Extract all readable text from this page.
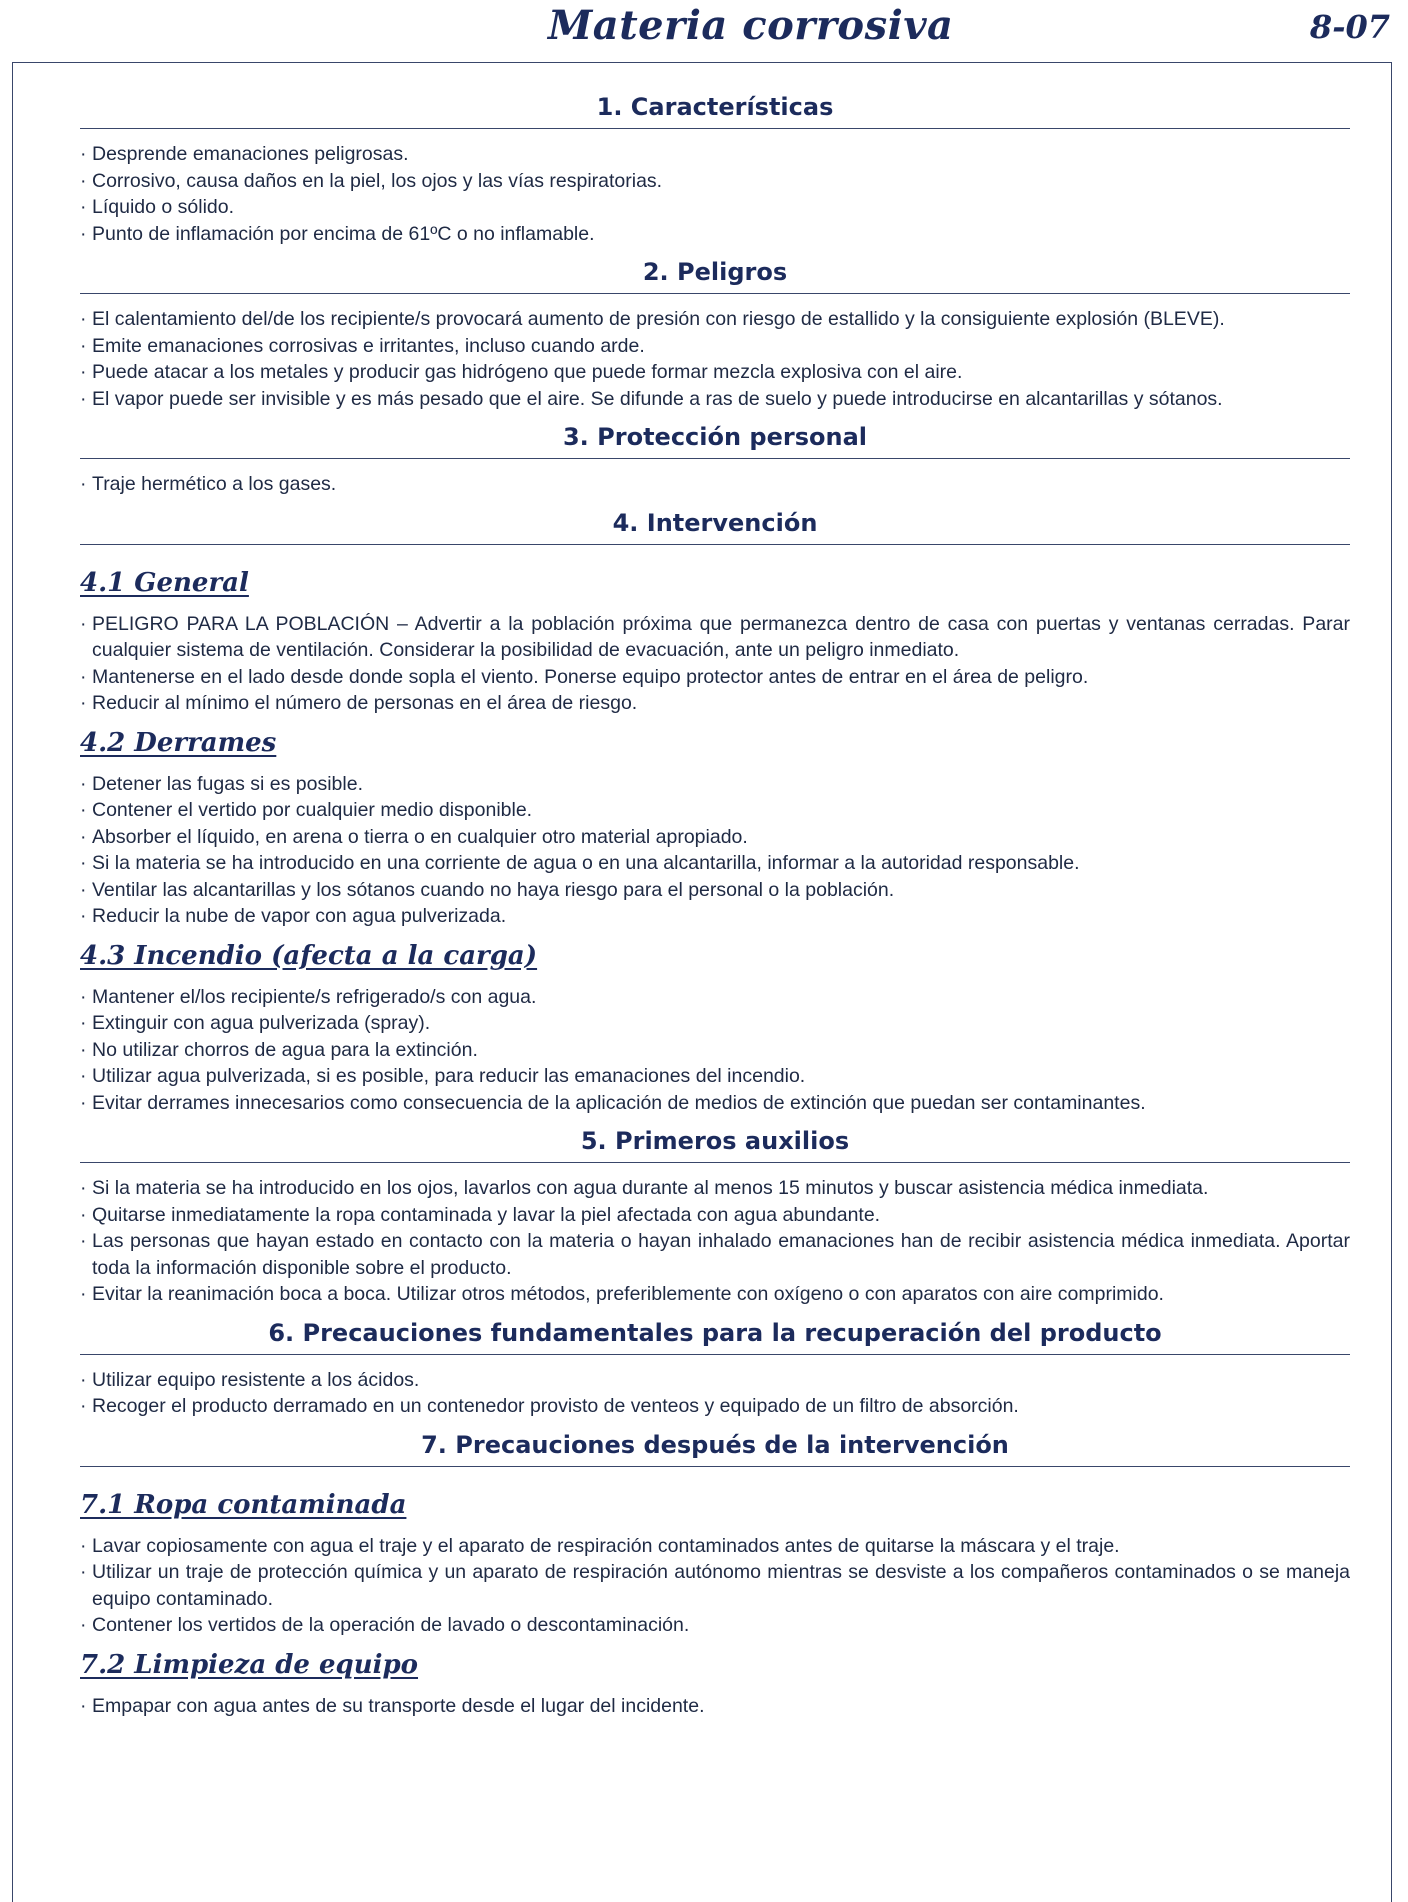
Materia corrosiva	8-07
1. Características
· Desprende emanaciones peligrosas.
· Corrosivo, causa daños en la piel, los ojos y las vías respiratorias.
· Líquido o sólido.
· Punto de inflamación por encima de 61ºC o no inflamable.
2. Peligros
· El calentamiento del/de los recipiente/s provocará aumento de presión con riesgo de estallido y la consiguiente explosión (BLEVE).
· Emite emanaciones corrosivas e irritantes, incluso cuando arde.
· Puede atacar a los metales y producir gas hidrógeno que puede formar mezcla explosiva con el aire.
· El vapor puede ser invisible y es más pesado que el aire. Se difunde a ras de suelo y puede introducirse en alcantarillas y sótanos.
3. Protección personal
· Traje hermético a los gases.
4. Intervención
4.1 General
· PELIGRO PARA LA POBLACIÓN – Advertir a la población próxima que permanezca dentro de casa con puertas y ventanas cerradas. Parar cualquier sistema de ventilación. Considerar la posibilidad de evacuación, ante un peligro inmediato.
· Mantenerse en el lado desde donde sopla el viento. Ponerse equipo protector antes de entrar en el área de peligro.
· Reducir al mínimo el número de personas en el área de riesgo.
4.2 Derrames
· Detener las fugas si es posible.
· Contener el vertido por cualquier medio disponible.
· Absorber el líquido, en arena o tierra o en cualquier otro material apropiado.
· Si la materia se ha introducido en una corriente de agua o en una alcantarilla, informar a la autoridad responsable.
· Ventilar las alcantarillas y los sótanos cuando no haya riesgo para el personal o la población.
· Reducir la nube de vapor con agua pulverizada.
4.3 Incendio (afecta a la carga)
· Mantener el/los recipiente/s refrigerado/s con agua.
· Extinguir con agua pulverizada (spray).
· No utilizar chorros de agua para la extinción.
· Utilizar agua pulverizada, si es posible, para reducir las emanaciones del incendio.
· Evitar derrames innecesarios como consecuencia de la aplicación de medios de extinción que puedan ser contaminantes.
5. Primeros auxilios
· Si la materia se ha introducido en los ojos, lavarlos con agua durante al menos 15 minutos y buscar asistencia médica inmediata.
· Quitarse inmediatamente la ropa contaminada y lavar la piel afectada con agua abundante.
· Las personas que hayan estado en contacto con la materia o hayan inhalado emanaciones han de recibir asistencia médica inmediata. Aportar toda la información disponible sobre el producto.
· Evitar la reanimación boca a boca. Utilizar otros métodos, preferiblemente con oxígeno o con aparatos con aire comprimido.
6. Precauciones fundamentales para la recuperación del producto
· Utilizar equipo resistente a los ácidos.
· Recoger el producto derramado en un contenedor provisto de venteos y equipado de un filtro de absorción.
7. Precauciones después de la intervención
7.1 Ropa contaminada
· Lavar copiosamente con agua el traje y el aparato de respiración contaminados antes de quitarse la máscara y el traje.
· Utilizar un traje de protección química y un aparato de respiración autónomo mientras se desviste a los compañeros contaminados o se maneja equipo contaminado.
· Contener los vertidos de la operación de lavado o descontaminación.
7.2 Limpieza de equipo
· Empapar con agua antes de su transporte desde el lugar del incidente.
